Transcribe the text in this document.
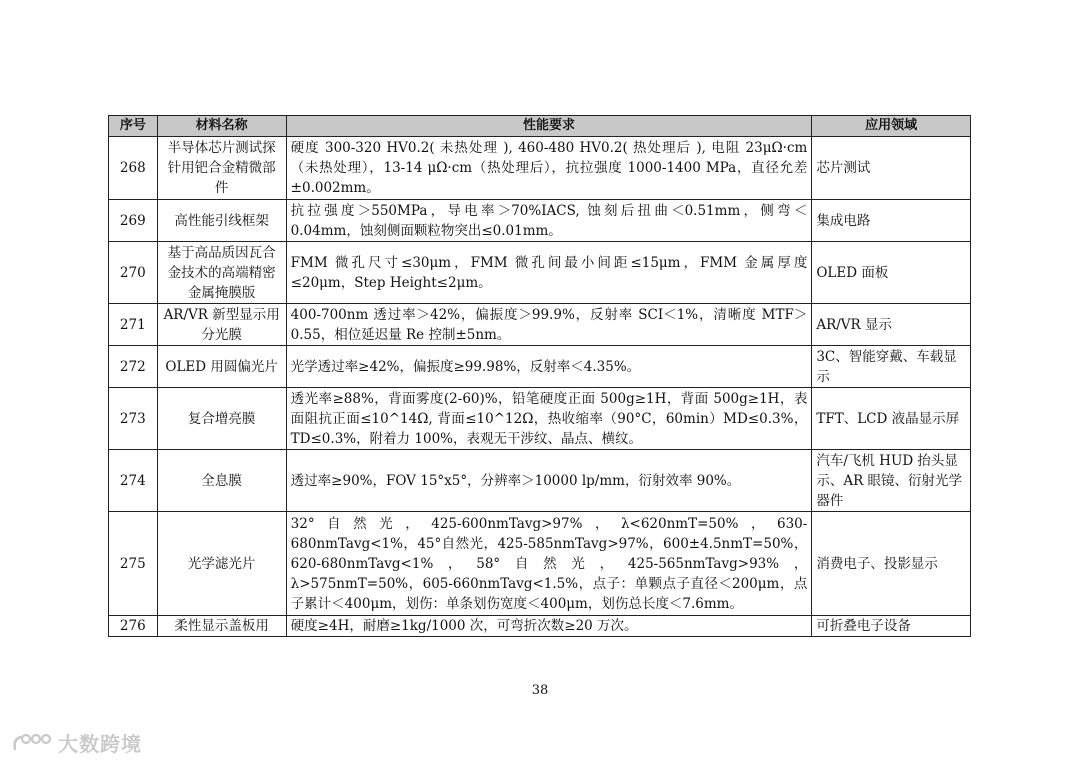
序号	材料名称	性能要求	应用领域
268	半导体芯片测试探针用钯合金精微部件	硬度 300-320 HV0.2( 未热处理 ), 460-480 HV0.2( 热处理后 ), 电阻 23μΩ·cm （未热处理），13-14 μΩ·cm（热处理后），抗拉强度 1000-1400 MPa，直径允差±0.002mm。	芯片测试
269	高性能引线框架	抗拉强度＞550MPa，导电率＞70%IACS, 蚀刻后扭曲＜0.51mm，侧弯＜0.04mm，蚀刻侧面颗粒物突出≤0.01mm。	集成电路
270	基于高品质因瓦合金技术的高端精密金属掩膜版	FMM 微孔尺寸≤30μm，FMM 微孔间最小间距≤15μm，FMM 金属厚度≤20μm，Step Height≤2μm。	OLED 面板
271	AR/VR 新型显示用分光膜	400-700nm 透过率＞42%，偏振度＞99.9%，反射率 SCI＜1%，清晰度 MTF＞0.55，相位延迟量 Re 控制±5nm。	AR/VR 显示
272	OLED 用圆偏光片	光学透过率≥42%，偏振度≥99.98%，反射率＜4.35%。	3C、智能穿戴、车载显示
273	复合增亮膜	透光率≥88%，背面雾度(2-60)%，铅笔硬度正面 500g≥1H，背面 500g≥1H，表面阻抗正面≤10^14Ω, 背面≤10^12Ω，热收缩率（90°C，60min）MD≤0.3%，TD≤0.3%，附着力 100%，表观无干涉纹、晶点、横纹。	TFT、LCD 液晶显示屏
274	全息膜	透过率≥90%，FOV 15°x5°，分辨率＞10000 lp/mm，衍射效率 90%。	汽车/飞机 HUD 抬头显示、AR 眼镜、衍射光学器件
275	光学滤光片	32°自然光，425-600nmTavg>97%，λ<620nmT=50%，630-680nmTavg<1%，45°自然光，425-585nmTavg>97%，600±4.5nmT=50%，620-680nmTavg<1%，58°自然光，425-565nmTavg>93%，λ>575nmT=50%，605-660nmTavg<1.5%，点子：单颗点子直径＜200μm，点子累计＜400μm，划伤：单条划伤宽度＜400μm，划伤总长度＜7.6mm。	消费电子、投影显示
276	柔性显示盖板用	硬度≥4H，耐磨≥1kg/1000 次，可弯折次数≥20 万次。	可折叠电子设备
38
大数跨境
